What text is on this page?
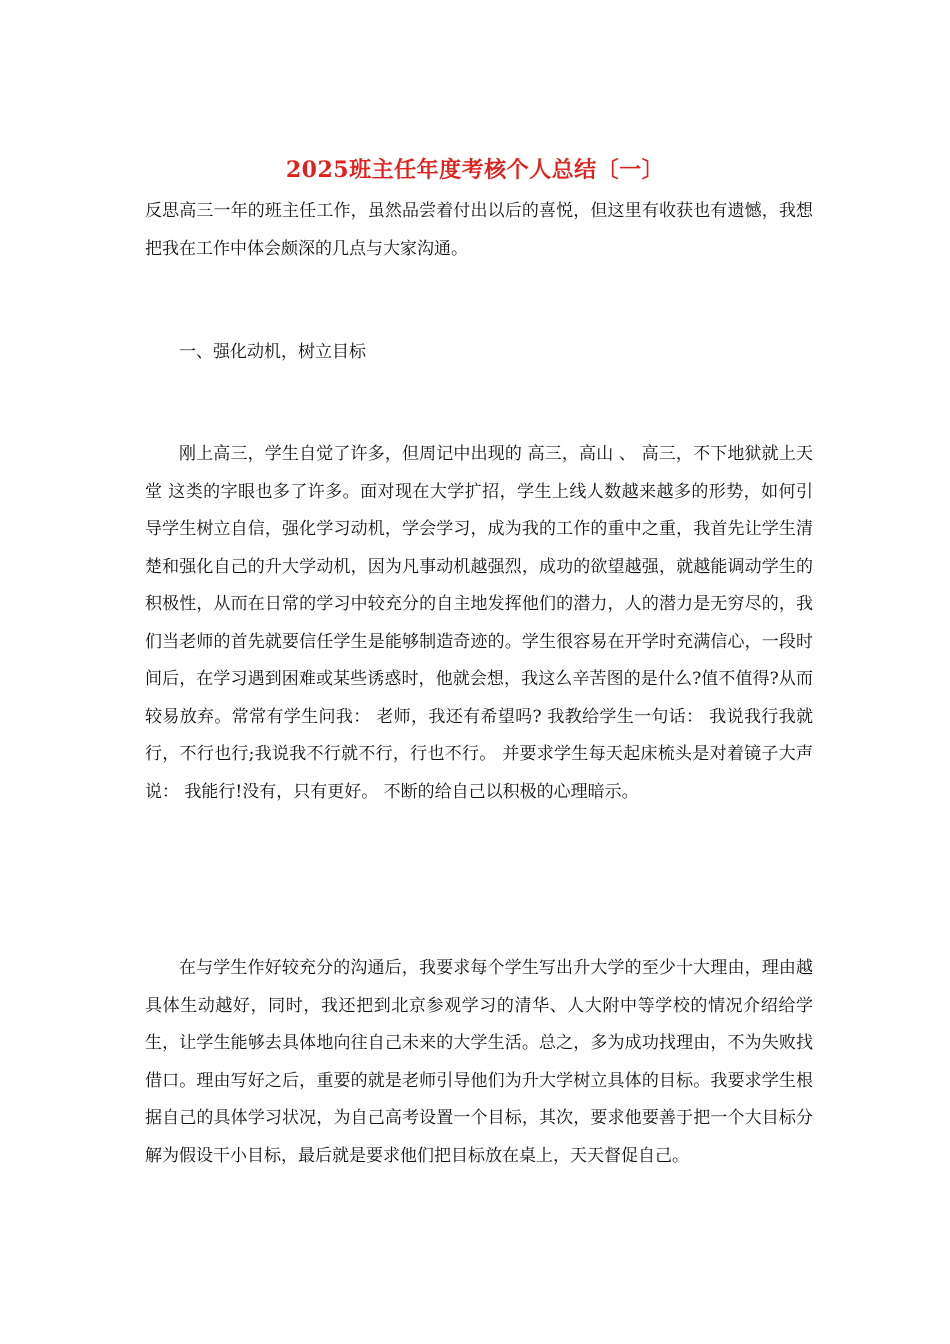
2025班主任年度考核个人总结〔一〕

反思高三一年的班主任工作，虽然品尝着付出以后的喜悦，但这里有收获也有遗憾，我想把我在工作中体会颇深的几点与大家沟通。

一、强化动机，树立目标

刚上高三，学生自觉了许多，但周记中出现的 高三，高山 、 高三，不下地狱就上天堂 这类的字眼也多了许多。面对现在大学扩招，学生上线人数越来越多的形势，如何引导学生树立自信，强化学习动机，学会学习，成为我的工作的重中之重，我首先让学生清楚和强化自己的升大学动机，因为凡事动机越强烈，成功的欲望越强，就越能调动学生的积极性，从而在日常的学习中较充分的自主地发挥他们的潜力，人的潜力是无穷尽的，我们当老师的首先就要信任学生是能够制造奇迹的。学生很容易在开学时充满信心，一段时间后，在学习遇到困难或某些诱惑时，他就会想，我这么辛苦图的是什么?值不值得?从而较易放弃。常常有学生问我： 老师，我还有希望吗? 我教给学生一句话： 我说我行我就行，不行也行;我说我不行就不行，行也不行。 并要求学生每天起床梳头是对着镜子大声说： 我能行!没有，只有更好。 不断的给自己以积极的心理暗示。

在与学生作好较充分的沟通后，我要求每个学生写出升大学的至少十大理由，理由越具体生动越好，同时，我还把到北京参观学习的清华、人大附中等学校的情况介绍给学生，让学生能够去具体地向往自己未来的大学生活。总之，多为成功找理由，不为失败找借口。理由写好之后，重要的就是老师引导他们为升大学树立具体的目标。我要求学生根据自己的具体学习状况，为自己高考设置一个目标，其次，要求他要善于把一个大目标分解为假设干小目标，最后就是要求他们把目标放在桌上，天天督促自己。
